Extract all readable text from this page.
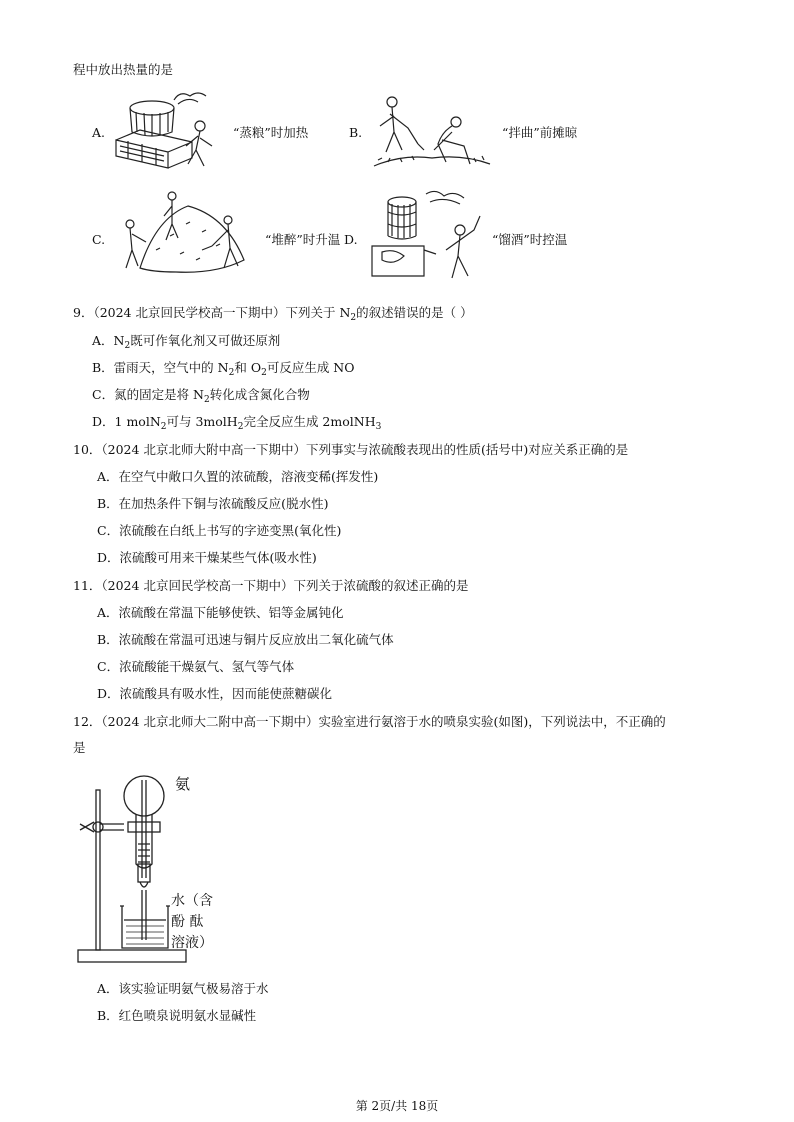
程中放出热量的是
A.	“蒸粮”时加热	B.	“拌曲”前摊晾
C.	“堆醉”时升温 D.	“馏酒”时控温
9．（2024 北京回民学校高一下期中）下列关于 $N_2$的叙述错误的是（ ）
A．$N_2$既可作氧化剂又可做还原剂
B．雷雨天，空气中的 $N_2$和 $O_2$可反应生成 NO
C．氮的固定是将 $N_2$转化成含氮化合物
D．1 molN$_2$可与 3molH$_2$完全反应生成 2molNH$_3$
10．（2024 北京北师大附中高一下期中）下列事实与浓硫酸表现出的性质(括号中)对应关系正确的是
A．在空气中敞口久置的浓硫酸，溶液变稀(挥发性)
B．在加热条件下铜与浓硫酸反应(脱水性)
C．浓硫酸在白纸上书写的字迹变黑(氧化性)
D．浓硫酸可用来干燥某些气体(吸水性)
11．（2024 北京回民学校高一下期中）下列关于浓硫酸的叙述正确的是
A．浓硫酸在常温下能够使铁、铝等金属钝化
B．浓硫酸在常温可迅速与铜片反应放出二氧化硫气体
C．浓硫酸能干燥氨气、氢气等气体
D．浓硫酸具有吸水性，因而能使蔗糖碳化
12．（2024 北京北师大二附中高一下期中）实验室进行氨溶于水的喷泉实验(如图)，下列说法中，不正确的
是
氨
水（含
酚 酞
溶液）
A．该实验证明氨气极易溶于水
B．红色喷泉说明氨水显碱性
第 2页/共 18页
